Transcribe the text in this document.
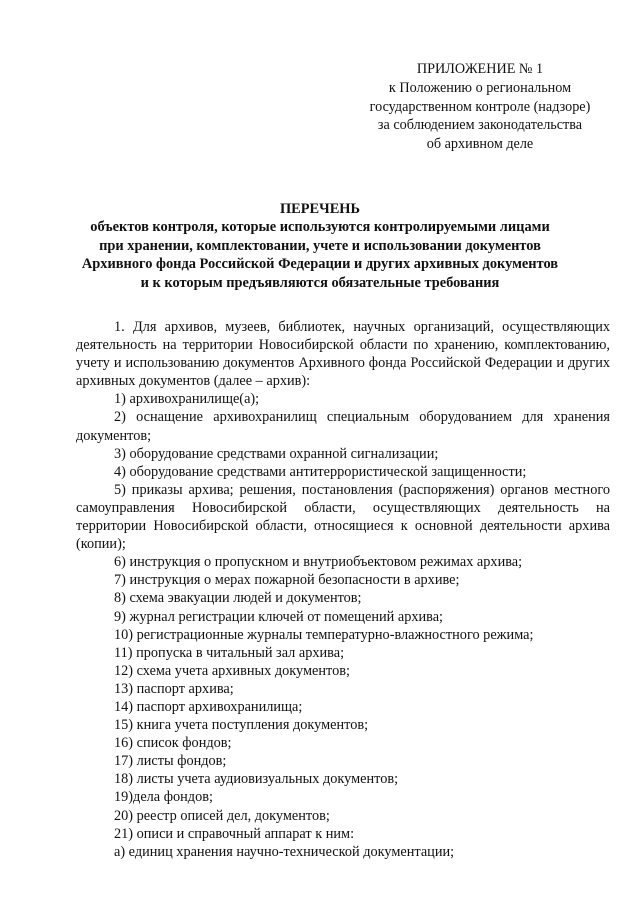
ПРИЛОЖЕНИЕ № 1
к Положению о региональном
государственном контроле (надзоре)
за соблюдением законодательства
об архивном деле
ПЕРЕЧЕНЬ
объектов контроля, которые используются контролируемыми лицами
при хранении, комплектовании, учете и использовании документов
Архивного фонда Российской Федерации и других архивных документов
и к которым предъявляются обязательные требования

1. Для архивов, музеев, библиотек, научных организаций, осуществляющих деятельность на территории Новосибирской области по хранению, комплектованию, учету и использованию документов Архивного фонда Российской Федерации и других архивных документов (далее – архив):

1) архивохранилище(а);

2) оснащение архивохранилищ специальным оборудованием для хранения документов;

3) оборудование средствами охранной сигнализации;

4) оборудование средствами антитеррористической защищенности;

5) приказы архива; решения, постановления (распоряжения) органов местного самоуправления Новосибирской области, осуществляющих деятельность на территории Новосибирской области, относящиеся к основной деятельности архива (копии);

6) инструкция о пропускном и внутриобъектовом режимах архива;

7) инструкция о мерах пожарной безопасности в архиве;

8) схема эвакуации людей и документов;

9) журнал регистрации ключей от помещений архива;

10) регистрационные журналы температурно-влажностного режима;

11) пропуска в читальный зал архива;

12) схема учета архивных документов;

13) паспорт архива;

14) паспорт архивохранилища;

15) книга учета поступления документов;

16) список фондов;

17) листы фондов;

18) листы учета аудиовизуальных документов;

19)дела фондов;

20) реестр описей дел, документов;

21) описи и справочный аппарат к ним:

а) единиц хранения научно-технической документации;
